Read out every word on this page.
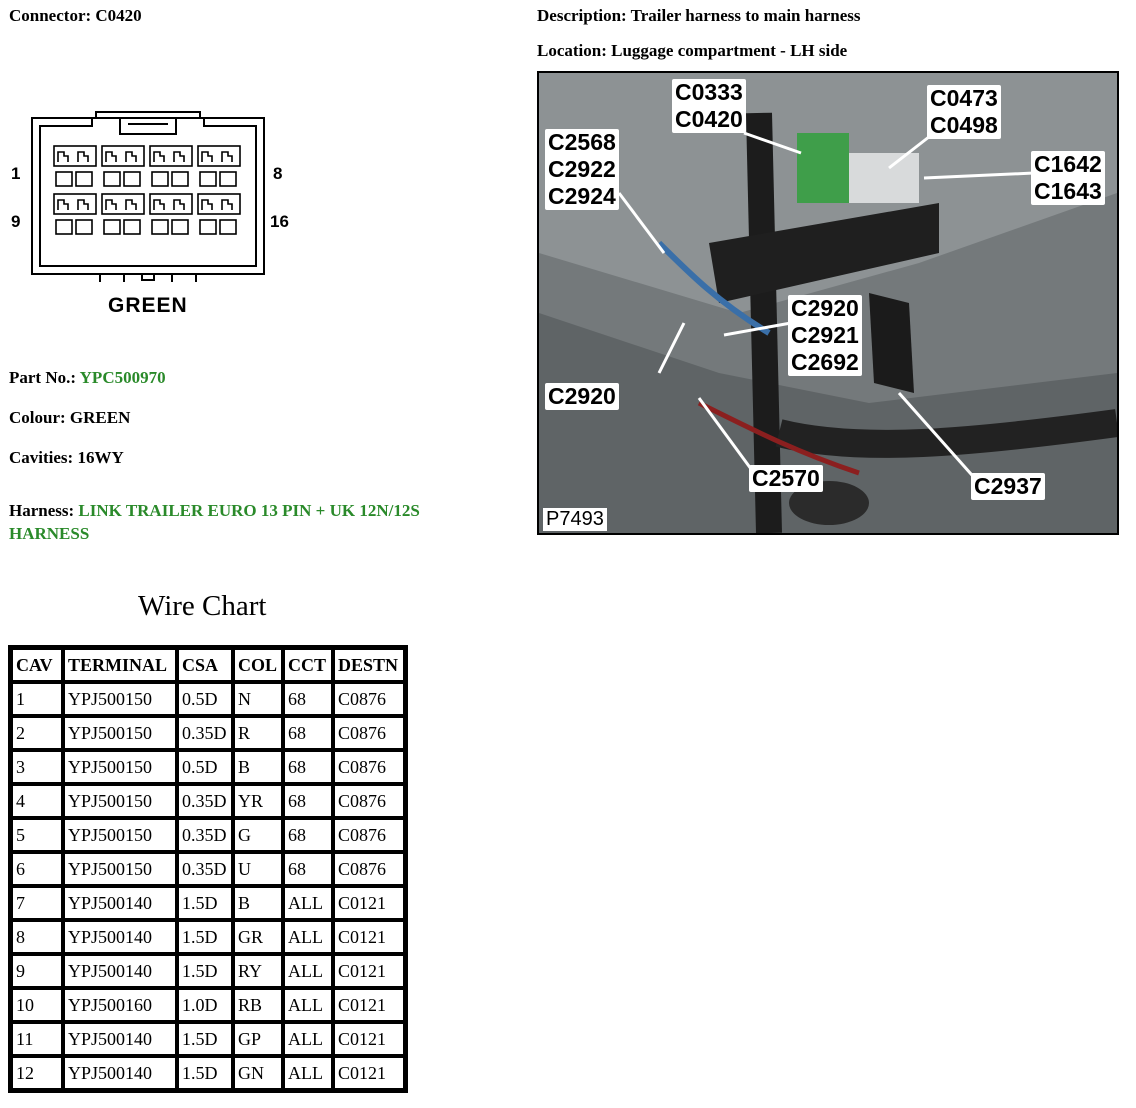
Connector: C0420	Description: Trailer harness to main harness
Location: Luggage compartment - LH side
1	8
9	16
GREEN
Part No.: YPC500970
Colour: GREEN
Cavities: 16WY
Harness: LINK TRAILER EURO 13 PIN + UK 12N/12S
HARNESS
C0333
C0420
C0473
C0498
C2568
C2922
C2924
C1642
C1643
C2920
C2921
C2692
C2920
C2570	C2937
P7493
Wire Chart
CAV	TERMINAL	CSA	COL	CCT	DESTN
1	YPJ500150	0.5D	N	68	C0876
2	YPJ500150	0.35D	R	68	C0876
3	YPJ500150	0.5D	B	68	C0876
4	YPJ500150	0.35D	YR	68	C0876
5	YPJ500150	0.35D	G	68	C0876
6	YPJ500150	0.35D	U	68	C0876
7	YPJ500140	1.5D	B	ALL	C0121
8	YPJ500140	1.5D	GR	ALL	C0121
9	YPJ500140	1.5D	RY	ALL	C0121
10	YPJ500160	1.0D	RB	ALL	C0121
11	YPJ500140	1.5D	GP	ALL	C0121
12	YPJ500140	1.5D	GN	ALL	C0121
